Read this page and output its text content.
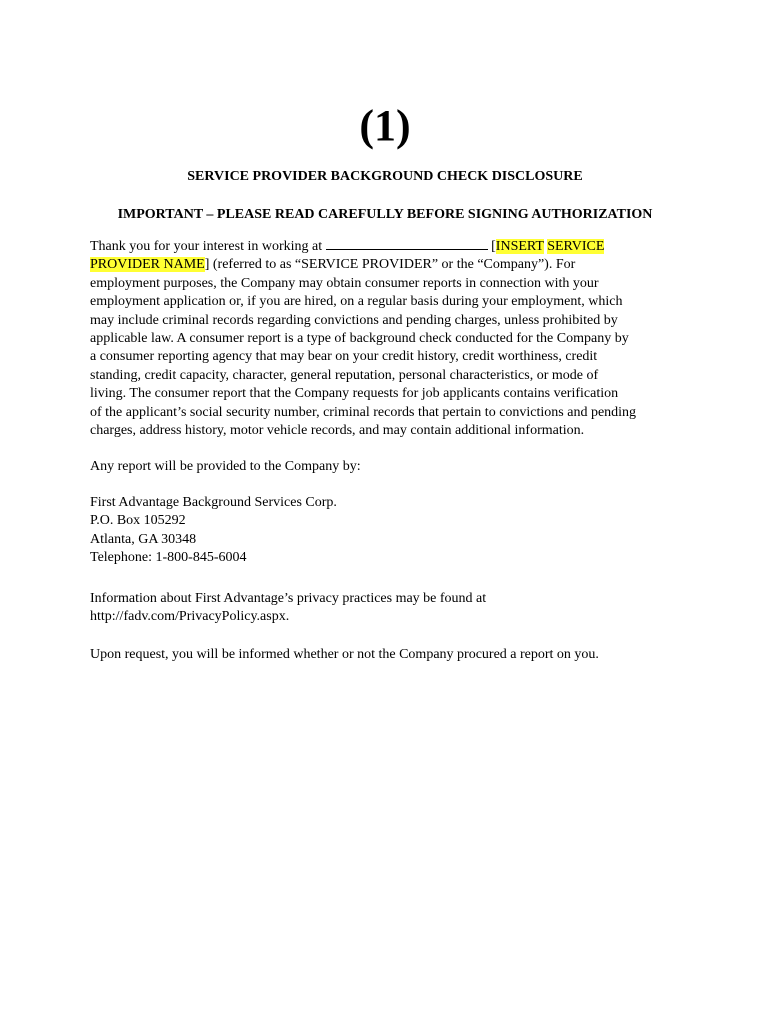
(1)
SERVICE PROVIDER BACKGROUND CHECK DISCLOSURE
IMPORTANT – PLEASE READ CAREFULLY BEFORE SIGNING AUTHORIZATION
Thank you for your interest in working at	[INSERT SERVICE
PROVIDER NAME] (referred to as “SERVICE PROVIDER” or the “Company”). For
employment purposes, the Company may obtain consumer reports in connection with your
employment application or, if you are hired, on a regular basis during your employment, which
may include criminal records regarding convictions and pending charges, unless prohibited by
applicable law. A consumer report is a type of background check conducted for the Company by
a consumer reporting agency that may bear on your credit history, credit worthiness, credit
standing, credit capacity, character, general reputation, personal characteristics, or mode of
living. The consumer report that the Company requests for job applicants contains verification
of the applicant’s social security number, criminal records that pertain to convictions and pending
charges, address history, motor vehicle records, and may contain additional information.
Any report will be provided to the Company by:
First Advantage Background Services Corp.
P.O. Box 105292
Atlanta, GA 30348
Telephone: 1-800-845-6004
Information about First Advantage’s privacy practices may be found at
http://fadv.com/PrivacyPolicy.aspx.
Upon request, you will be informed whether or not the Company procured a report on you.
